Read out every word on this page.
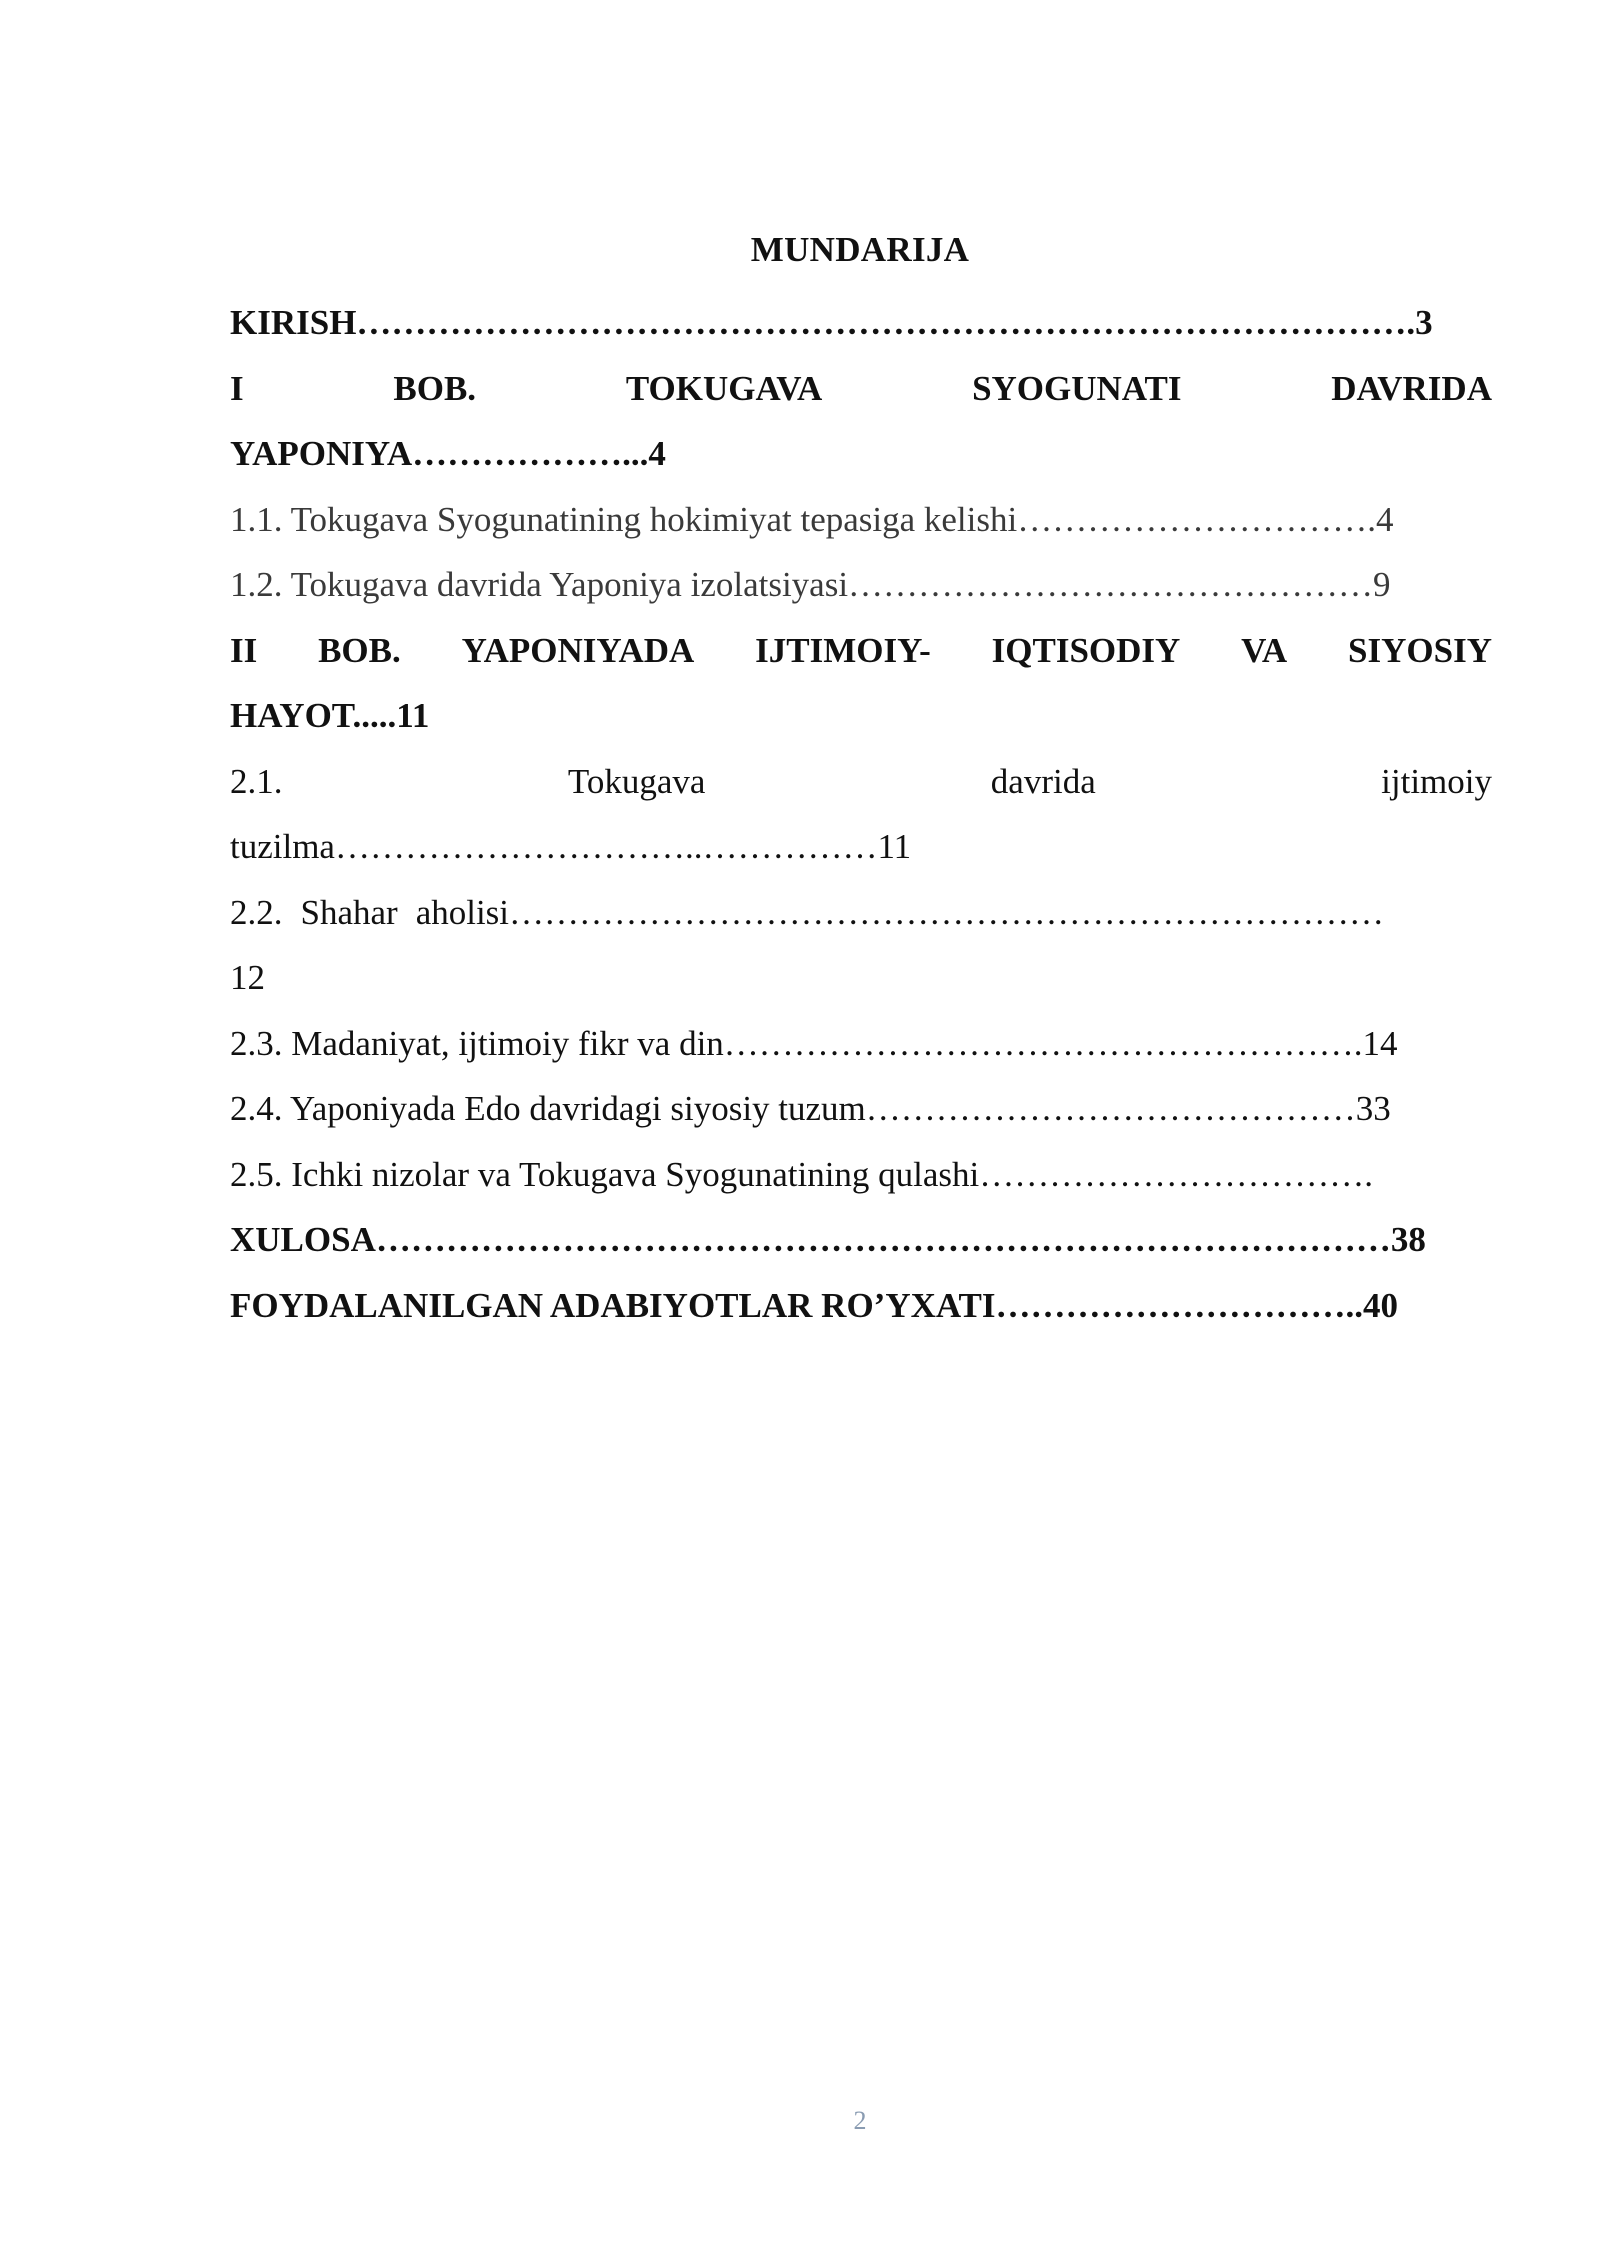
MUNDARIJA
KIRISH……………………………………………………………………………….3
I	BOB.	TOKUGAVA	SYOGUNATI	DAVRIDA
YAPONIYA………………...4
1.1. Tokugava Syogunatining hokimiyat tepasiga kelishi………………………….4
1.2. Tokugava davrida Yaponiya izolatsiyasi………………………………………9
II BOB. YAPONIYADA IJTIMOIY- IQTISODIY VA SIYOSIY
HAYOT.....11
2.1.	Tokugava	davrida	ijtimoiy
tuzilma…………………………..……………11
2.2. Shahar aholisi…………………………………………………………………
12
2.3. Madaniyat, ijtimoiy fikr va din……………………………………………….14
2.4. Yaponiyada Edo davridagi siyosiy tuzum……………………………………33
2.5. Ichki nizolar va Tokugava Syogunatining qulashi…………………………….
XULOSA……………………………………………………………………………38
FOYDALANILGAN ADABIYOTLAR RO’YXATI…………………………..40
2
